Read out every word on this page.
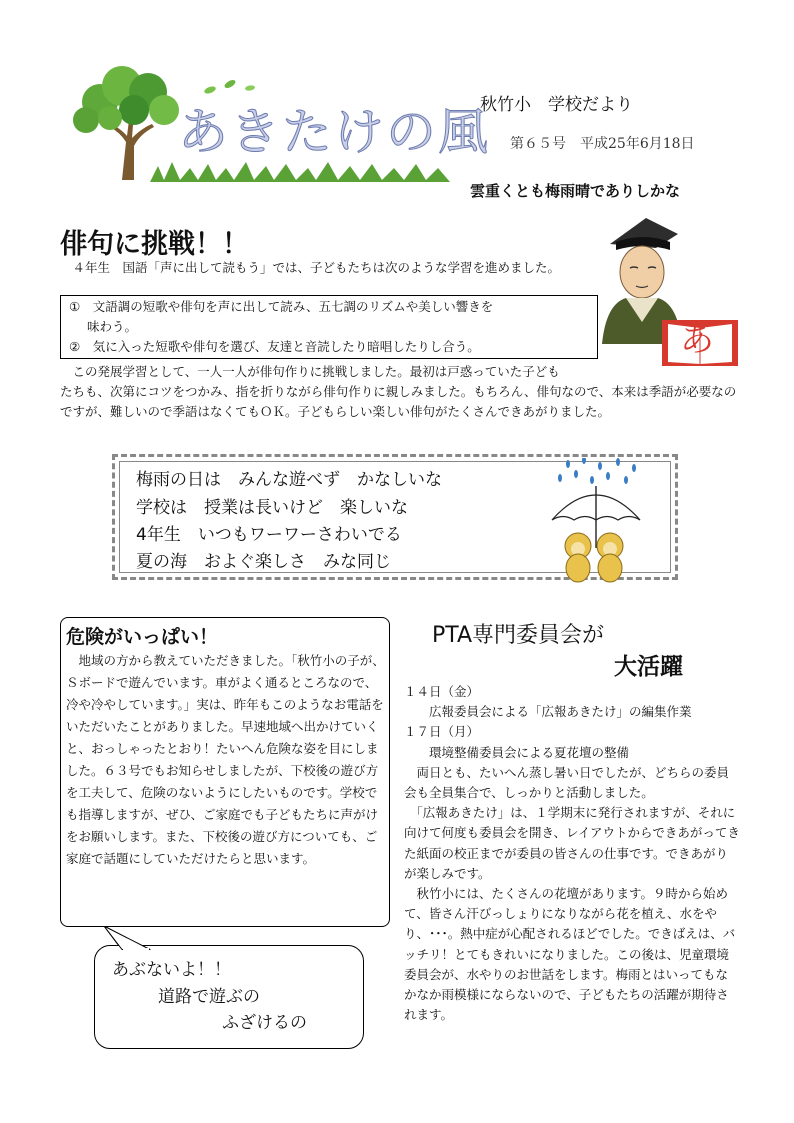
あきたけの風
秋竹小　学校だより
第６５号　平成25年6月18日
雲重くとも梅雨晴でありしかな
俳句に挑戦！！

　４年生　国語「声に出して読もう」では、子どもたちは次のような学習を進めました。

①　文語調の短歌や俳句を声に出して読み、五七調のリズムや美しい響きを

味わう。

②　気に入った短歌や俳句を選び、友達と音読したり暗唱したりし合う。

　この発展学習として、一人一人が俳句作りに挑戦しました。最初は戸惑っていた子ども

たちも、次第にコツをつかみ、指を折りながら俳句作りに親しみました。もちろん、俳句なので、本来は季語が必要なのですが、難しいので季語はなくてもＯＫ。子どもらしい楽しい俳句がたくさんできあがりました。

あ
梅雨の日は　みんな遊べず　かなしいな
学校は　授業は長いけど　楽しいな
4年生　いつもワーワーさわいでる
夏の海　およぐ楽しさ　みな同じ
危険がいっぱい！

　地域の方から教えていただきました。「秋竹小の子が、Ｓボードで遊んでいます。車がよく通るところなので、冷や冷やしています。」実は、昨年もこのようなお電話をいただいたことがありました。早速地域へ出かけていくと、おっしゃったとおり！たいへん危険な姿を目にしました。６３号でもお知らせしましたが、下校後の遊び方を工夫して、危険のないようにしたいものです。学校でも指導しますが、ぜひ、ご家庭でも子どもたちに声がけをお願いします。また、下校後の遊び方についても、ご家庭で話題にしていただけたらと思います。

あぶないよ！！
道路で遊ぶの
ふざけるの
PTA専門委員会が
大活躍

１４日（金）

　　広報委員会による「広報あきたけ」の編集作業

１７日（月）

　　環境整備委員会による夏花壇の整備

　両日とも、たいへん蒸し暑い日でしたが、どちらの委員会も全員集合で、しっかりと活動しました。

　「広報あきたけ」は、１学期末に発行されますが、それに向けて何度も委員会を開き、レイアウトからできあがってきた紙面の校正までが委員の皆さんの仕事です。できあがりが楽しみです。

　秋竹小には、たくさんの花壇があります。９時から始めて、皆さん汗びっしょりになりながら花を植え、水をやり、･･･。熱中症が心配されるほどでした。できばえは、バッチリ！とてもきれいになりました。この後は、児童環境委員会が、水やりのお世話をします。梅雨とはいってもなかなか雨模様にならないので、子どもたちの活躍が期待されます。
